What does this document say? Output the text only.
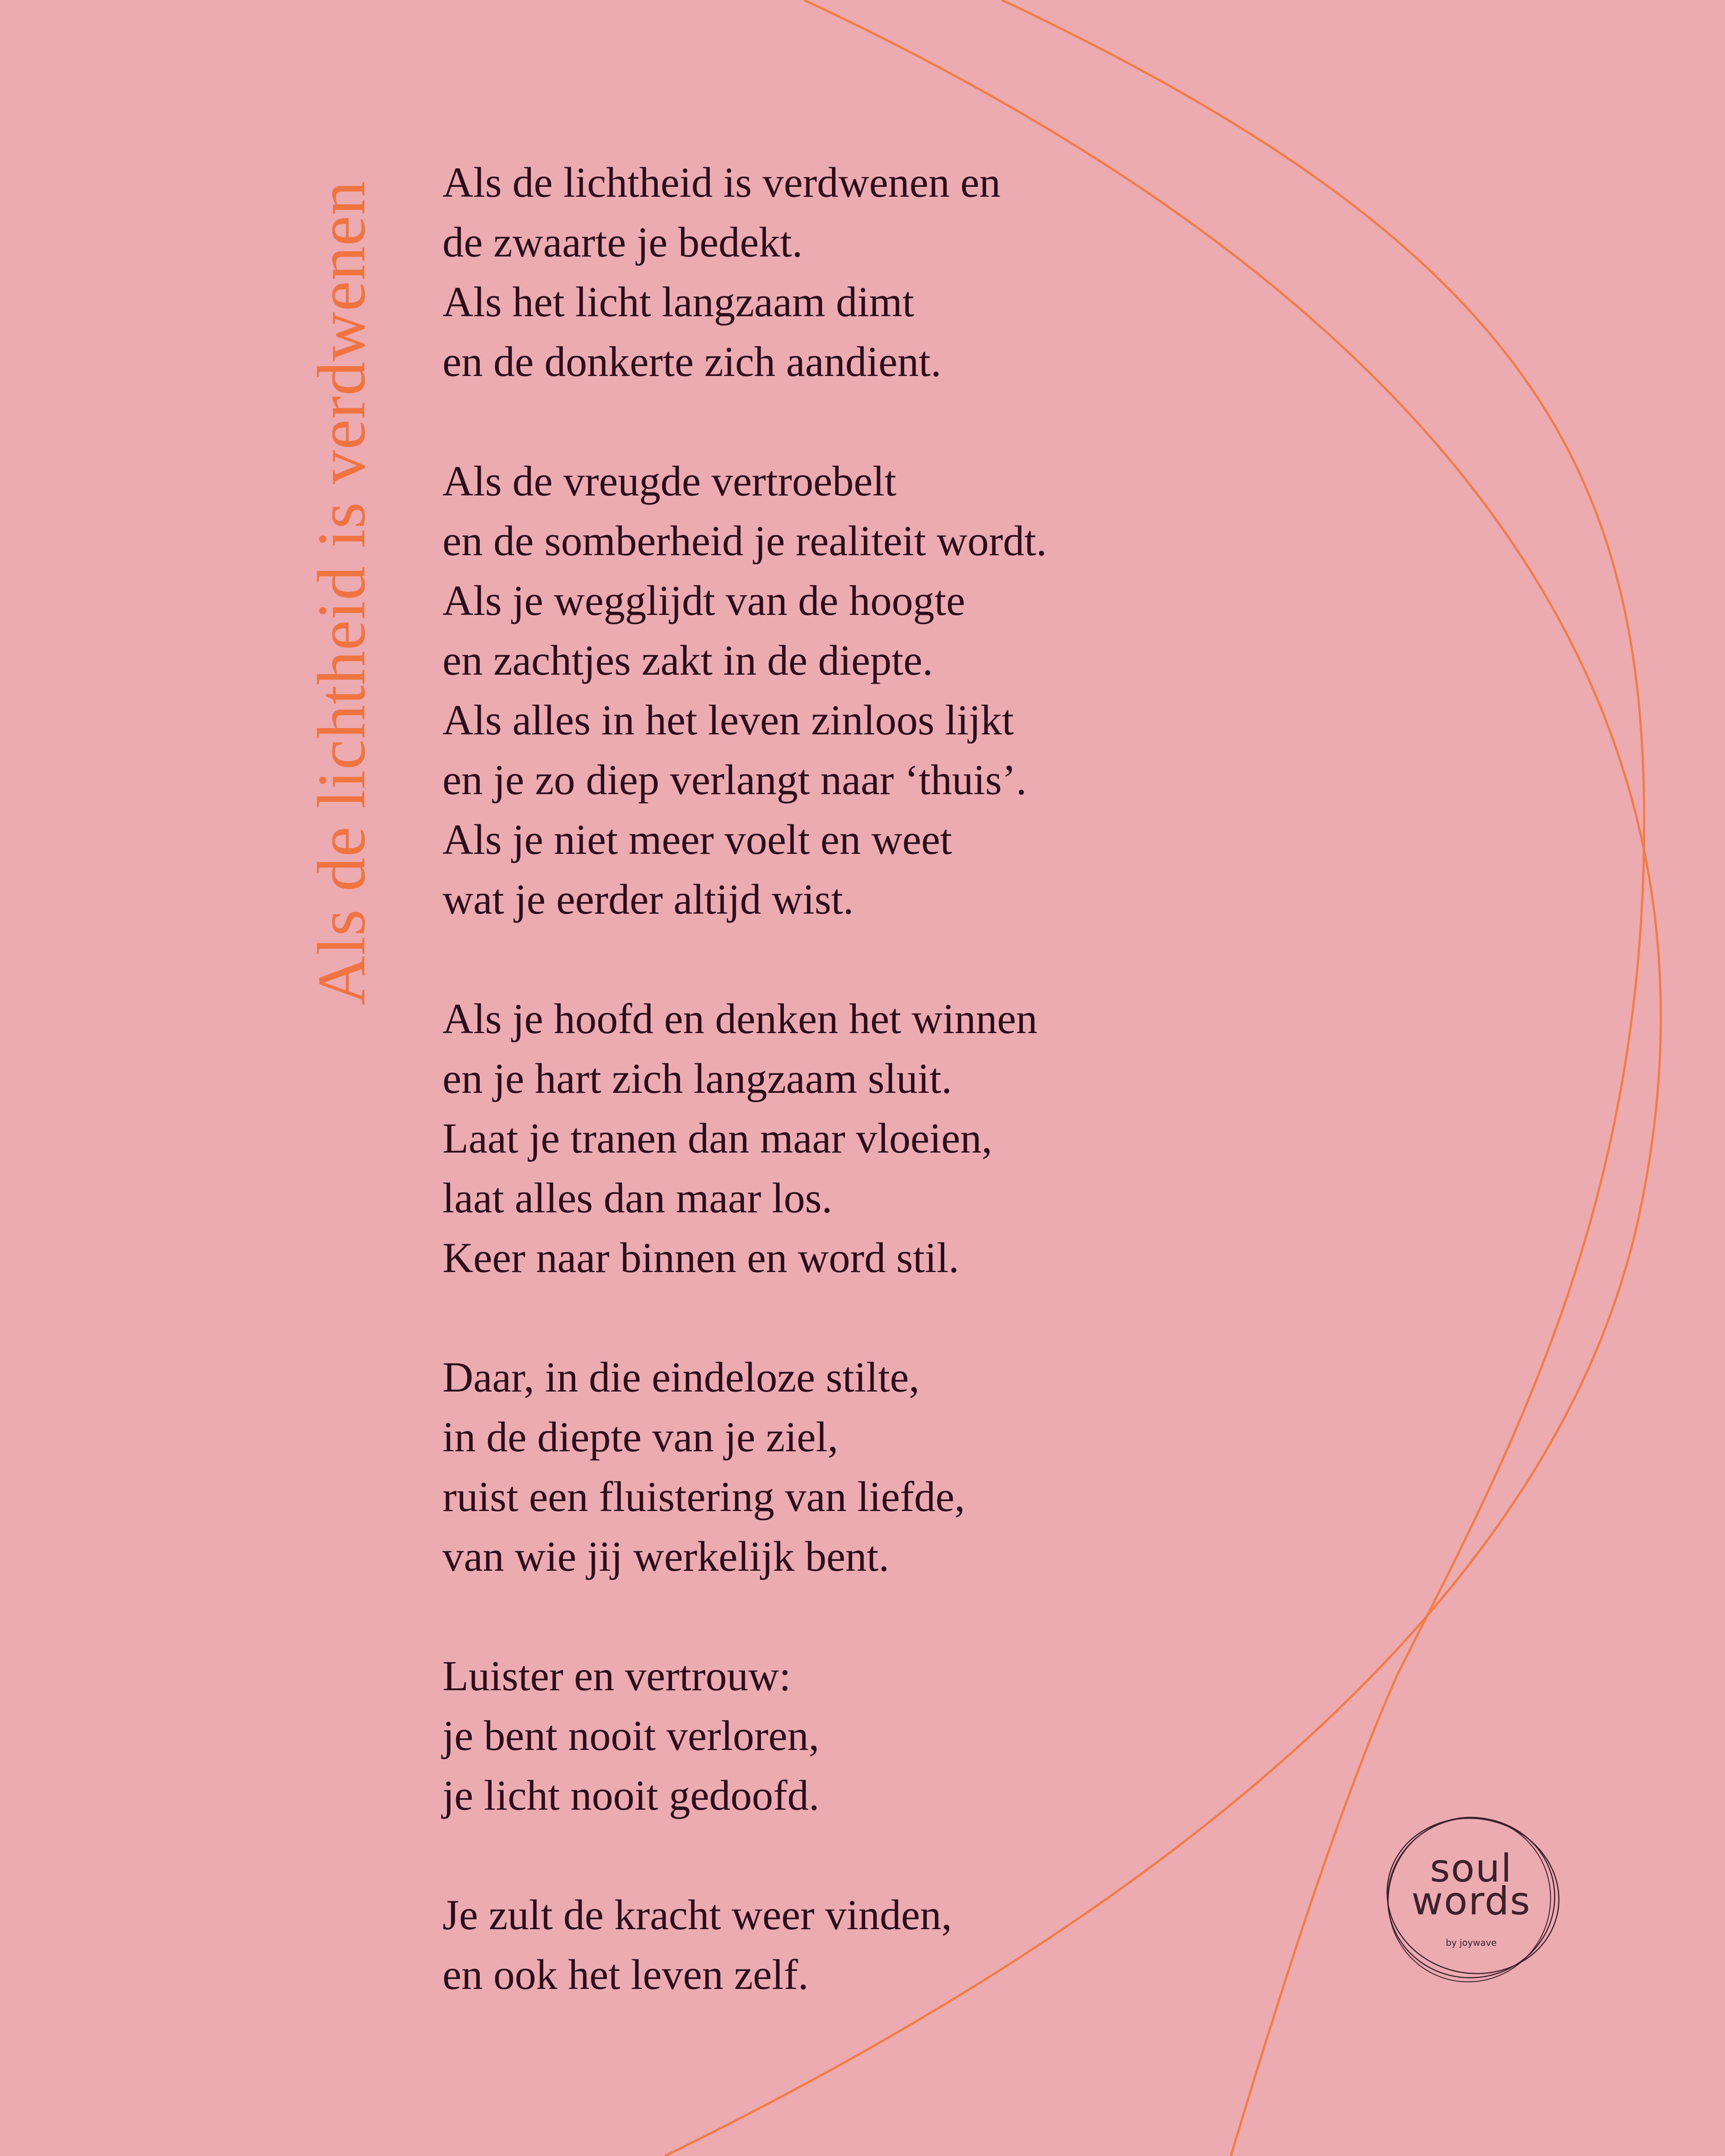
Als de lichtheid is verdwenen Als de lichtheid is verdwenen en
de zwaarte je bedekt.
Als het licht langzaam dimt
en de donkerte zich aandient.
Als de vreugde vertroebelt
en de somberheid je realiteit wordt.
Als je wegglijdt van de hoogte
en zachtjes zakt in de diepte.
Als alles in het leven zinloos lijkt
en je zo diep verlangt naar ‘thuis’.
Als je niet meer voelt en weet
wat je eerder altijd wist.
Als je hoofd en denken het winnen
en je hart zich langzaam sluit.
Laat je tranen dan maar vloeien,
laat alles dan maar los.
Keer naar binnen en word stil.
Daar, in die eindeloze stilte,
in de diepte van je ziel,
ruist een fluistering van liefde,
van wie jij werkelijk bent.
Luister en vertrouw:
je bent nooit verloren,
je licht nooit gedoofd.
Je zult de kracht weer vinden,
en ook het leven zelf.
soul
words
by joywave
